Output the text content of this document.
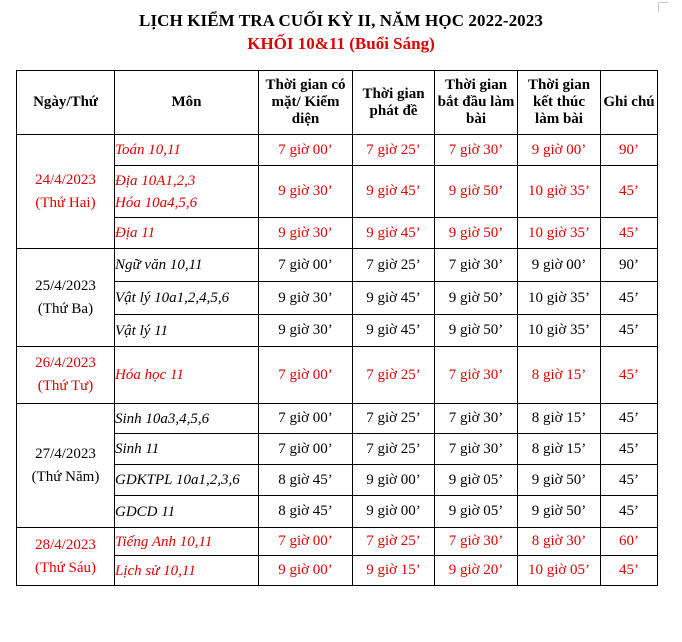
LỊCH KIỂM TRA CUỐI KỲ II, NĂM HỌC 2022-2023
KHỐI 10&11 (Buổi Sáng)
Ngày/Thứ	Môn	Thời gian có mặt/ Kiểm diện	Thời gian phát đề	Thời gian bắt đầu làm bài	Thời gian kết thúc làm bài	Ghi chú

24/4/2023
(Thứ Hai)	Toán 10,11	7 giờ 00’	7 giờ 25’	7 giờ 30’	9 giờ 00’	90’

	Địa 10A1,2,3
Hóa 10a4,5,6	9 giờ 30’	9 giờ 45’	9 giờ 50’	10 giờ 35’	45’

	Địa 11	9 giờ 30’	9 giờ 45’	9 giờ 50’	10 giờ 35’	45’

25/4/2023
(Thứ Ba)	Ngữ văn 10,11	7 giờ 00’	7 giờ 25’	7 giờ 30’	9 giờ 00’	90’

	Vật lý 10a1,2,4,5,6	9 giờ 30’	9 giờ 45’	9 giờ 50’	10 giờ 35’	45’

	Vật lý 11	9 giờ 30’	9 giờ 45’	9 giờ 50’	10 giờ 35’	45’

26/4/2023
(Thứ Tư)	Hóa học 11	7 giờ 00’	7 giờ 25’	7 giờ 30’	8 giờ 15’	45’

27/4/2023
(Thứ Năm)	Sinh 10a3,4,5,6	7 giờ 00’	7 giờ 25’	7 giờ 30’	8 giờ 15’	45’

	Sinh 11	7 giờ 00’	7 giờ 25’	7 giờ 30’	8 giờ 15’	45’

	GDKTPL 10a1,2,3,6	8 giờ 45’	9 giờ 00’	9 giờ 05’	9 giờ 50’	45’

	GDCD 11	8 giờ 45’	9 giờ 00’	9 giờ 05’	9 giờ 50’	45’

28/4/2023
(Thứ Sáu)	Tiếng Anh 10,11	7 giờ 00’	7 giờ 25’	7 giờ 30’	8 giờ 30’	60’

	Lịch sử 10,11	9 giờ 00’	9 giờ 15’	9 giờ 20’	10 giờ 05’	45’
